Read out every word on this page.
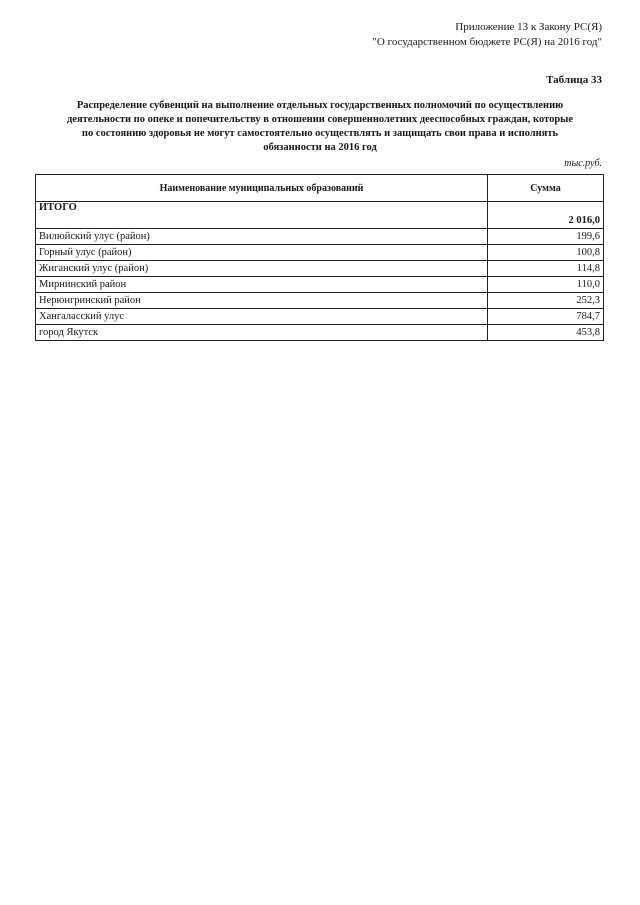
Приложение 13 к Закону РС(Я)
"О государственном бюджете РС(Я) на 2016 год"
Таблица 33
Распределение субвенций на выполнение отдельных государственных полномочий по осуществлению деятельности по опеке и попечительству в отношении совершеннолетних дееспособных граждан, которые по состоянию здоровья не могут самостоятельно осуществлять и защищать свои права и исполнять обязанности на 2016 год
тыс.руб.
Наименование муниципальных образований	Сумма
ИТОГО	2 016,0
Вилюйский улус (район)	199,6
Горный улус (район)	100,8
Жиганский улус (район)	114,8
Мирнинский район	110,0
Нерюнгринский район	252,3
Хангаласский улус	784,7
город Якутск	453,8
